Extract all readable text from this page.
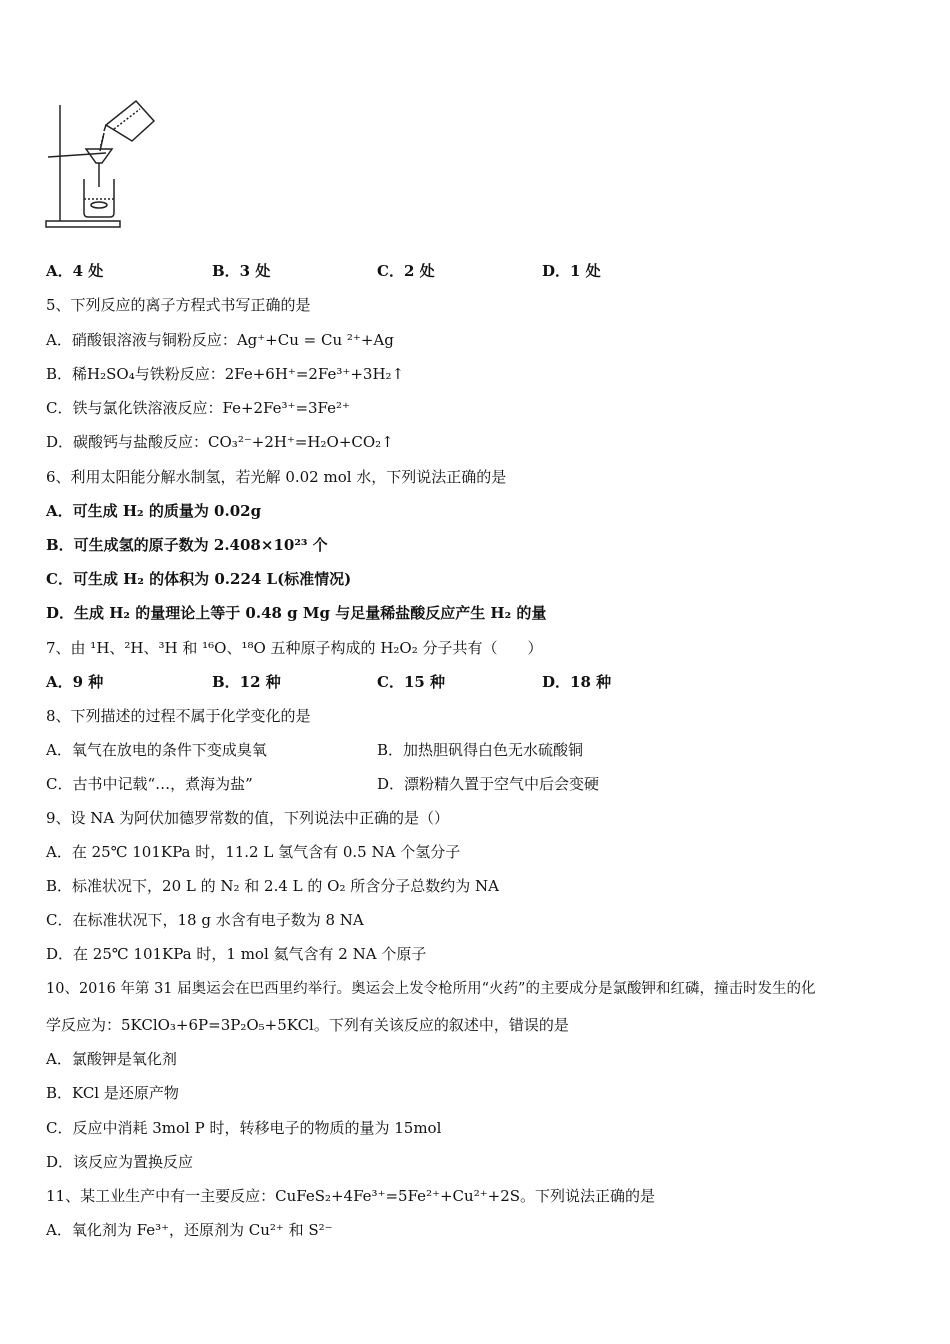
A．4 处	B．3 处	C．2 处	D．1 处
5、下列反应的离子方程式书写正确的是
A．硝酸银溶液与铜粉反应：Ag⁺+Cu = Cu ²⁺+Ag
B．稀H₂SO₄与铁粉反应：2Fe+6H⁺=2Fe³⁺+3H₂↑
C．铁与氯化铁溶液反应：Fe+2Fe³⁺=3Fe²⁺
D．碳酸钙与盐酸反应：CO₃²⁻+2H⁺=H₂O+CO₂↑
6、利用太阳能分解水制氢，若光解 0.02 mol 水，下列说法正确的是
A．可生成 H₂ 的质量为 0.02g
B．可生成氢的原子数为 2.408×10²³ 个
C．可生成 H₂ 的体积为 0.224 L(标准情况)
D．生成 H₂ 的量理论上等于 0.48 g Mg 与足量稀盐酸反应产生 H₂ 的量
7、由 ¹H、²H、³H 和 ¹⁶O、¹⁸O 五种原子构成的 H₂O₂ 分子共有（　　）
A．9 种	B．12 种	C．15 种	D．18 种
8、下列描述的过程不属于化学变化的是
A．氧气在放电的条件下变成臭氧	B．加热胆矾得白色无水硫酸铜
C．古书中记载“…，煮海为盐”	D．漂粉精久置于空气中后会变硬
9、设 NA 为阿伏加德罗常数的值，下列说法中正确的是（）
A．在 25℃ 101KPa 时，11.2 L 氢气含有 0.5 NA 个氢分子
B．标准状况下，20 L 的 N₂ 和 2.4 L 的 O₂ 所含分子总数约为 NA
C．在标准状况下，18 g 水含有电子数为 8 NA
D．在 25℃ 101KPa 时，1 mol 氦气含有 2 NA 个原子
10、2016 年第 31 届奥运会在巴西里约举行。奥运会上发令枪所用“火药”的主要成分是氯酸钾和红磷，撞击时发生的化
学反应为：5KClO₃+6P=3P₂O₅+5KCl。下列有关该反应的叙述中，错误的是
A．氯酸钾是氧化剂
B．KCl 是还原产物
C．反应中消耗 3mol P 时，转移电子的物质的量为 15mol
D．该反应为置换反应
11、某工业生产中有一主要反应：CuFeS₂+4Fe³⁺=5Fe²⁺+Cu²⁺+2S。下列说法正确的是
A．氧化剂为 Fe³⁺，还原剂为 Cu²⁺ 和 S²⁻
